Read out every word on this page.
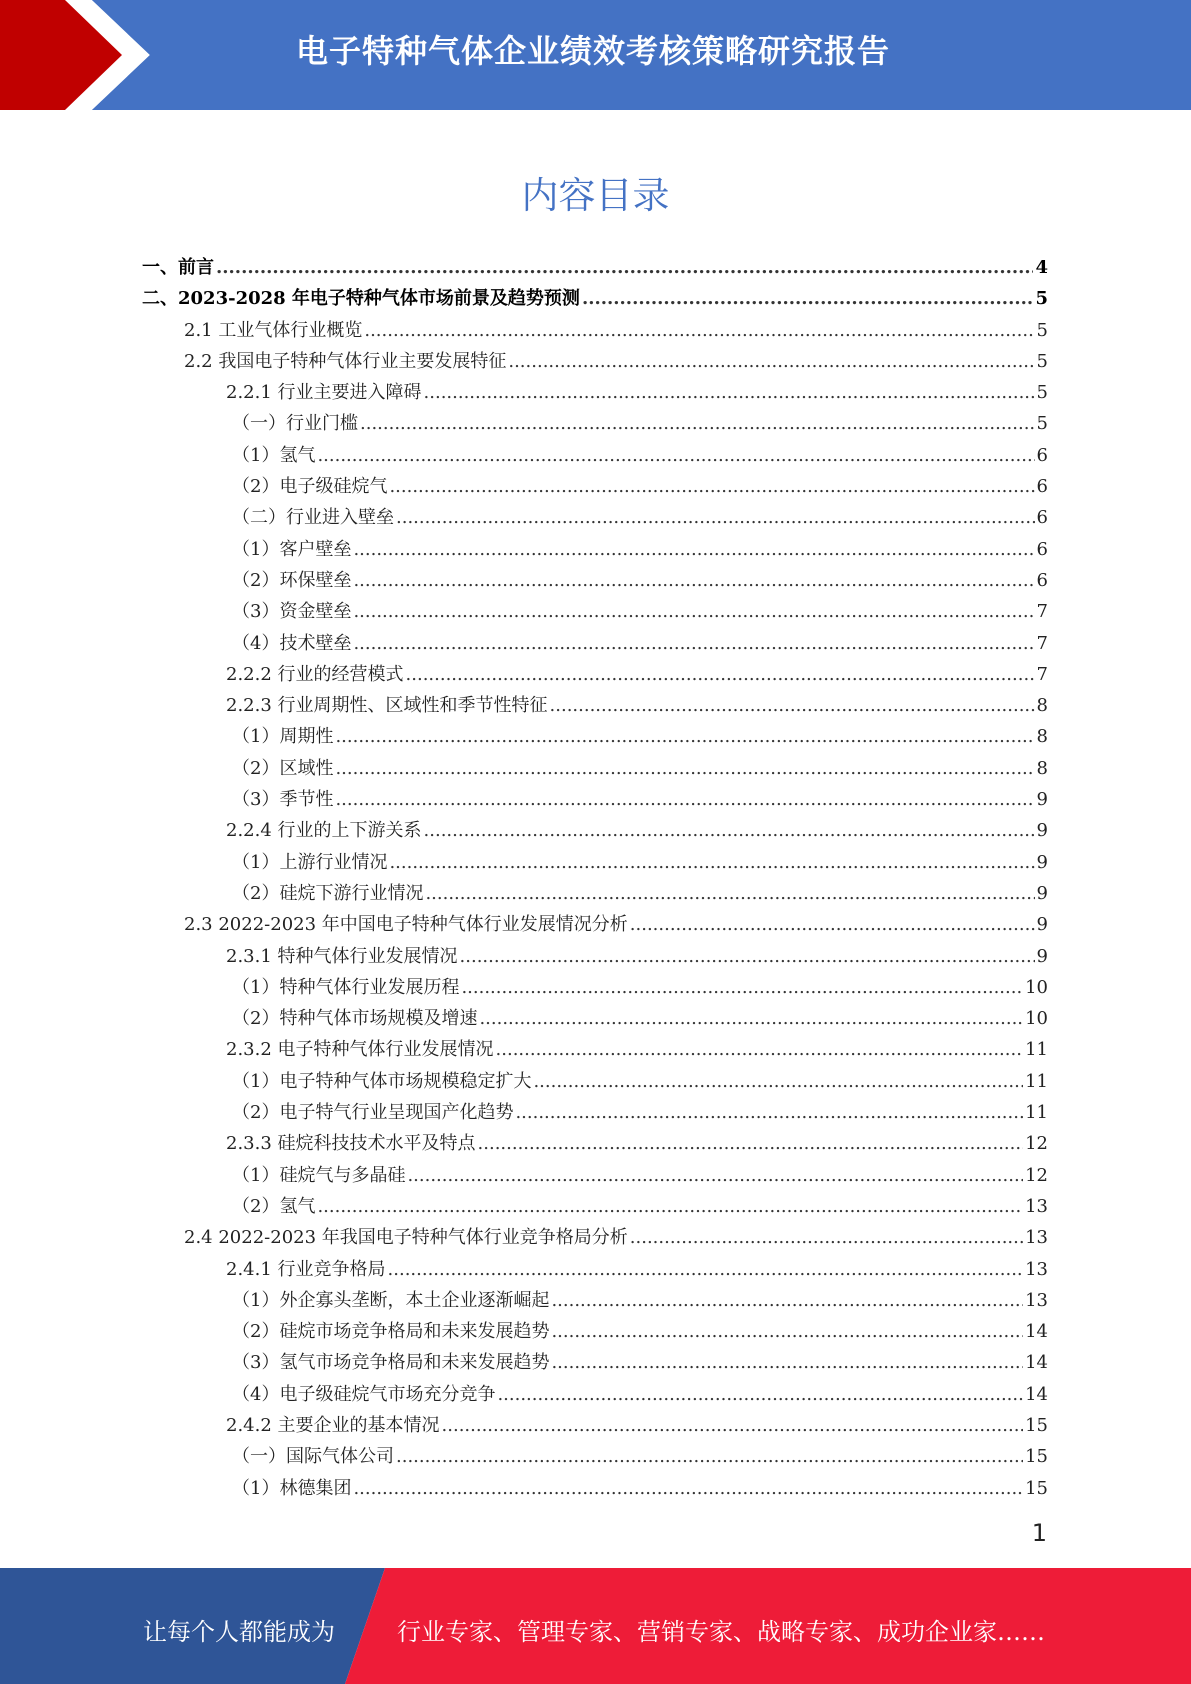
电子特种气体企业绩效考核策略研究报告
内容目录
一、前言 .....	4
二、2023-2028 年电子特种气体市场前景及趋势预测 .....	5
2.1 工业气体行业概览 .....	5
2.2 我国电子特种气体行业主要发展特征 .....	5
2.2.1 行业主要进入障碍 .....	5
（一）行业门槛 .....	5
（1）氢气 .....	6
（2）电子级硅烷气 .....	6
（二）行业进入壁垒 .....	6
（1）客户壁垒 .....	6
（2）环保壁垒 .....	6
（3）资金壁垒 .....	7
（4）技术壁垒 .....	7
2.2.2 行业的经营模式 .....	7
2.2.3 行业周期性、区域性和季节性特征 .....	8
（1）周期性 .....	8
（2）区域性 .....	8
（3）季节性 .....	9
2.2.4 行业的上下游关系 .....	9
（1）上游行业情况 .....	9
（2）硅烷下游行业情况 .....	9
2.3 2022-2023 年中国电子特种气体行业发展情况分析 .....	9
2.3.1 特种气体行业发展情况 .....	9
（1）特种气体行业发展历程 .....	10
（2）特种气体市场规模及增速 .....	10
2.3.2 电子特种气体行业发展情况 .....	11
（1）电子特种气体市场规模稳定扩大 .....	11
（2）电子特气行业呈现国产化趋势 .....	11
2.3.3 硅烷科技技术水平及特点 .....	12
（1）硅烷气与多晶硅 .....	12
（2）氢气 .....	13
2.4 2022-2023 年我国电子特种气体行业竞争格局分析 .....	13
2.4.1 行业竞争格局 .....	13
（1）外企寡头垄断，本土企业逐渐崛起 .....	13
（2）硅烷市场竞争格局和未来发展趋势 .....	14
（3）氢气市场竞争格局和未来发展趋势 .....	14
（4）电子级硅烷气市场充分竞争 .....	14
2.4.2 主要企业的基本情况 .....	15
（一）国际气体公司 .....	15
（1）林德集团 .....	15
1
让每个人都能成为	行业专家、管理专家、营销专家、战略专家、成功企业家……
